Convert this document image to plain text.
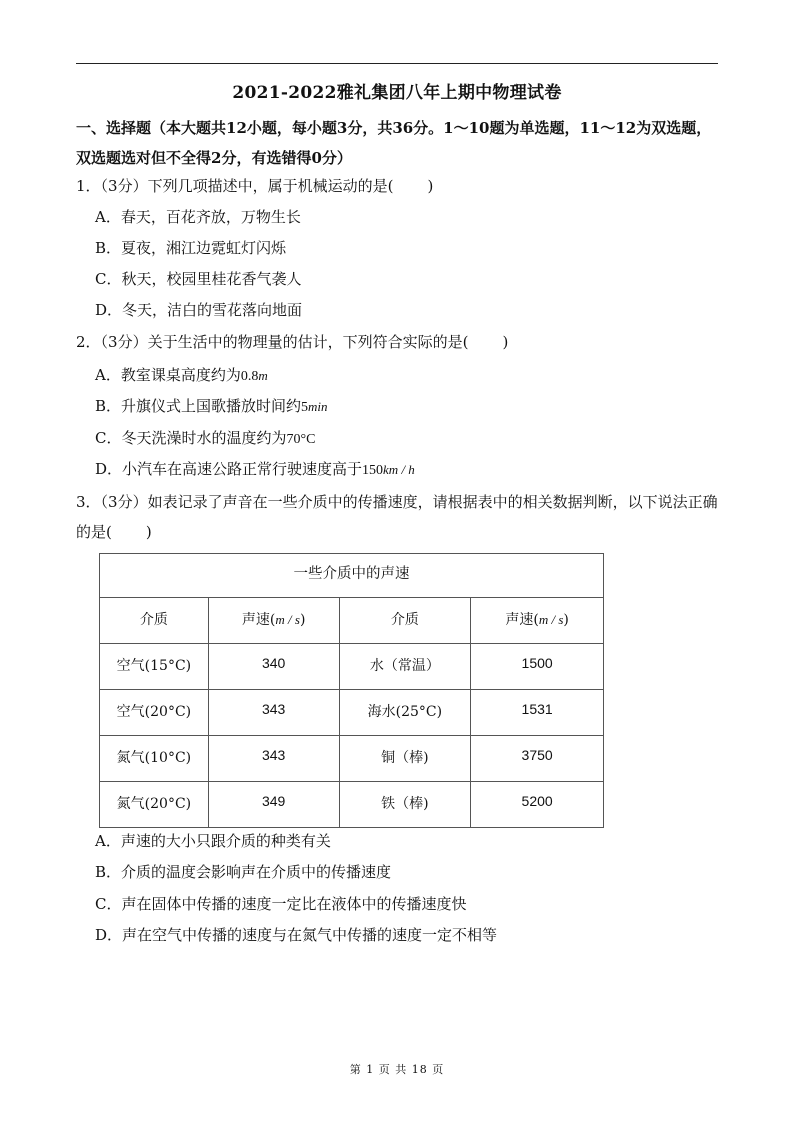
2021-2022雅礼集团八年上期中物理试卷
一、选择题（本大题共12小题，每小题3分，共36分。1～10题为单选题，11～12为双选题，双选题选对但不全得2分，有选错得0分）
1．（3分）下列几项描述中，属于机械运动的是( )
A．春天，百花齐放，万物生长
B．夏夜，湘江边霓虹灯闪烁
C．秋天，校园里桂花香气袭人
D．冬天，洁白的雪花落向地面
2．（3分）关于生活中的物理量的估计，下列符合实际的是( )
A．教室课桌高度约为0.8m
B．升旗仪式上国歌播放时间约5min
C．冬天洗澡时水的温度约为70°C
D．小汽车在高速公路正常行驶速度高于150km / h
3．（3分）如表记录了声音在一些介质中的传播速度，请根据表中的相关数据判断，以下说法正确的是( )
一些介质中的声速			
介质	声速(m / s)	介质	声速(m / s)
空气(15°C)	340	水（常温）	1500
空气(20°C)	343	海水(25°C)	1531
氮气(10°C)	343	铜（棒)	3750
氮气(20°C)	349	铁（棒)	5200
A．声速的大小只跟介质的种类有关
B．介质的温度会影响声在介质中的传播速度
C．声在固体中传播的速度一定比在液体中的传播速度快
D．声在空气中传播的速度与在氮气中传播的速度一定不相等
第 1 页 共 18 页
